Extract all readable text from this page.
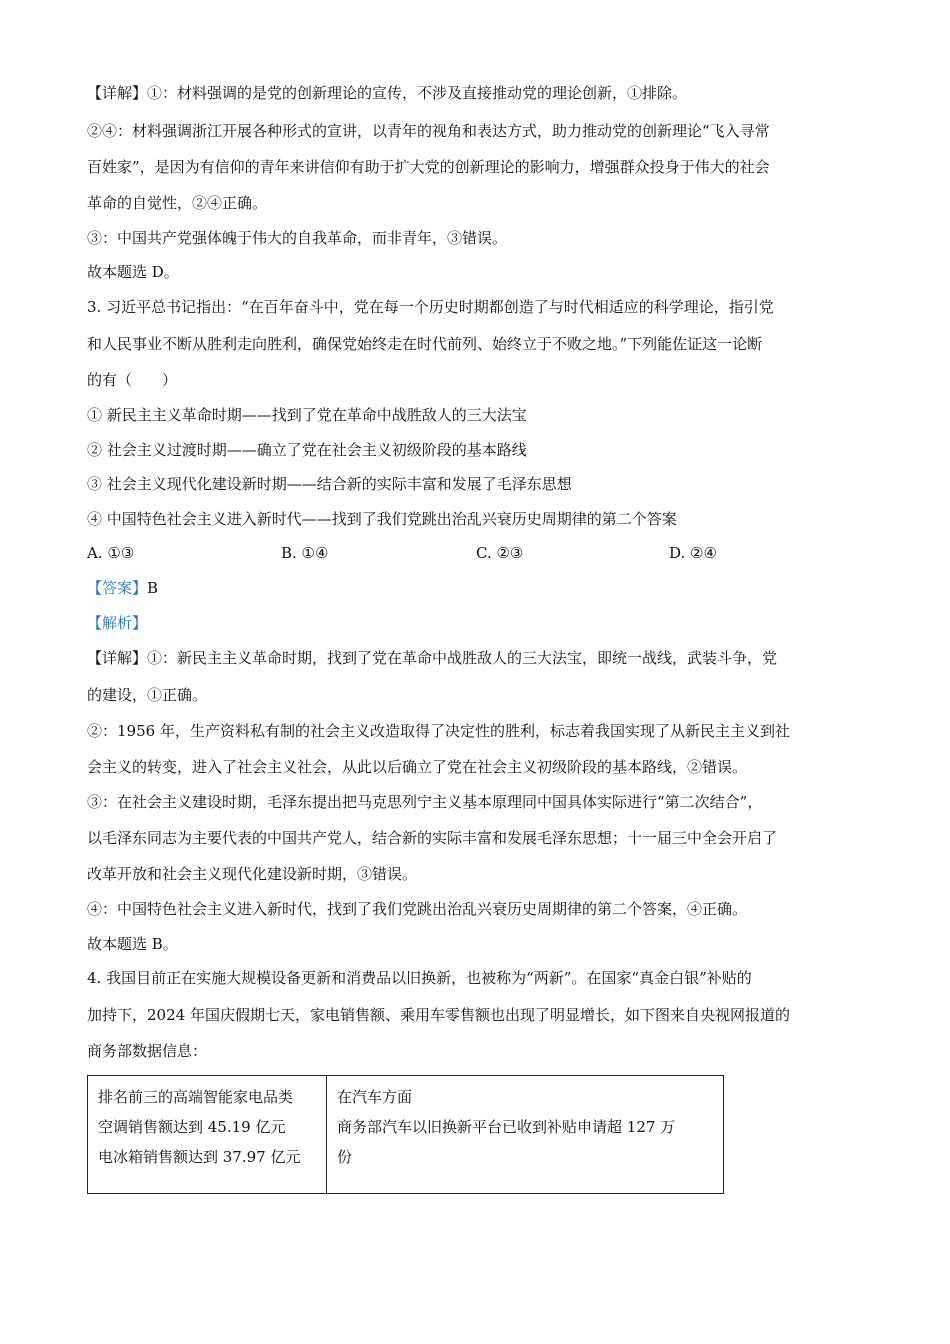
【详解】①：材料强调的是党的创新理论的宣传，不涉及直接推动党的理论创新，①排除。
②④：材料强调浙江开展各种形式的宣讲，以青年的视角和表达方式，助力推动党的创新理论“飞入寻常
百姓家”，是因为有信仰的青年来讲信仰有助于扩大党的创新理论的影响力，增强群众投身于伟大的社会
革命的自觉性，②④正确。
③：中国共产党强体魄于伟大的自我革命，而非青年，③错误。
故本题选 D。
3. 习近平总书记指出：“在百年奋斗中，党在每一个历史时期都创造了与时代相适应的科学理论，指引党
和人民事业不断从胜利走向胜利，确保党始终走在时代前列、始终立于不败之地。”下列能佐证这一论断
的有（　　）
① 新民主主义革命时期——找到了党在革命中战胜敌人的三大法宝
② 社会主义过渡时期——确立了党在社会主义初级阶段的基本路线
③ 社会主义现代化建设新时期——结合新的实际丰富和发展了毛泽东思想
④ 中国特色社会主义进入新时代——找到了我们党跳出治乱兴衰历史周期律的第二个答案
A. ①③	B. ①④	C. ②③	D. ②④
【答案】B
【解析】
【详解】①：新民主主义革命时期，找到了党在革命中战胜敌人的三大法宝，即统一战线，武装斗争，党
的建设，①正确。
②：1956 年，生产资料私有制的社会主义改造取得了决定性的胜利，标志着我国实现了从新民主主义到社
会主义的转变，进入了社会主义社会，从此以后确立了党在社会主义初级阶段的基本路线，②错误。
③：在社会主义建设时期，毛泽东提出把马克思列宁主义基本原理同中国具体实际进行“第二次结合”，
以毛泽东同志为主要代表的中国共产党人，结合新的实际丰富和发展毛泽东思想；十一届三中全会开启了
改革开放和社会主义现代化建设新时期，③错误。
④：中国特色社会主义进入新时代，找到了我们党跳出治乱兴衰历史周期律的第二个答案，④正确。
故本题选 B。
4. 我国目前正在实施大规模设备更新和消费品以旧换新，也被称为“两新”。在国家“真金白银”补贴的
加持下，2024 年国庆假期七天，家电销售额、乘用车零售额也出现了明显增长，如下图来自央视网报道的
商务部数据信息：
排名前三的高端智能家电品类
空调销售额达到 45.19 亿元
电冰箱销售额达到 37.97 亿元

在汽车方面
商务部汽车以旧换新平台已收到补贴申请超 127 万
份
